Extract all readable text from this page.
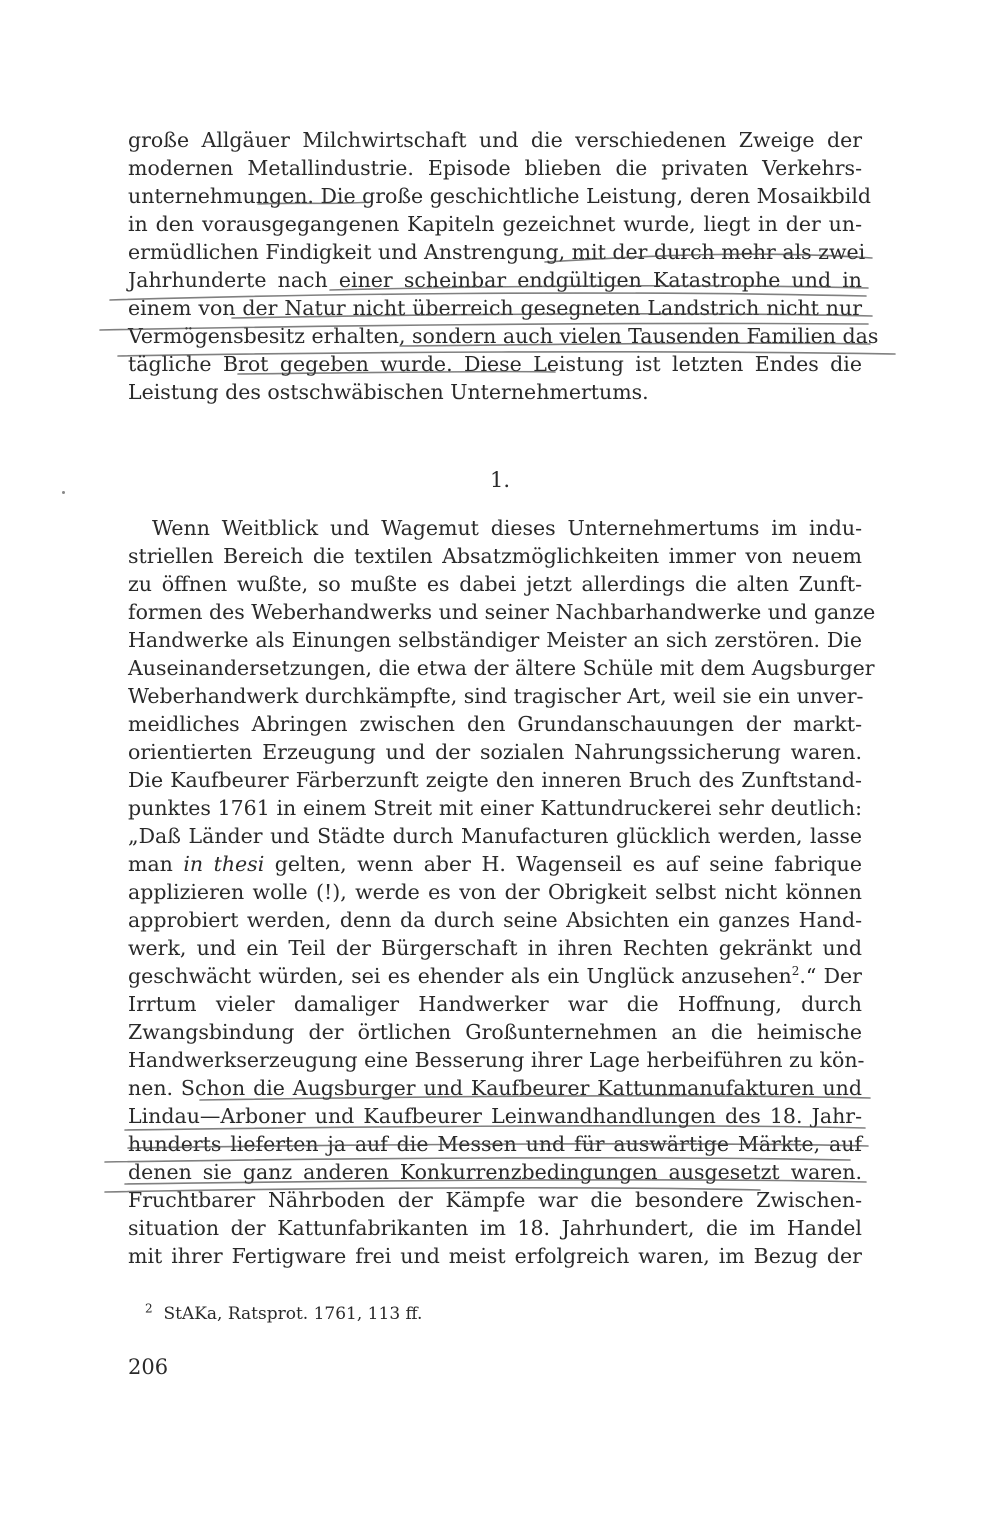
große Allgäuer Milchwirtschaft und die verschiedenen Zweige der
modernen Metallindustrie. Episode blieben die privaten Verkehrs-
unternehmungen. Die große geschichtliche Leistung, deren Mosaikbild
in den vorausgegangenen Kapiteln gezeichnet wurde, liegt in der un-
ermüdlichen Findigkeit und Anstrengung, mit der durch mehr als zwei
Jahrhunderte nach einer scheinbar endgültigen Katastrophe und in
einem von der Natur nicht überreich gesegneten Landstrich nicht nur
Vermögensbesitz erhalten, sondern auch vielen Tausenden Familien das
tägliche Brot gegeben wurde. Diese Leistung ist letzten Endes die
Leistung des ostschwäbischen Unternehmertums.
1.
Wenn Weitblick und Wagemut dieses Unternehmertums im indu-
striellen Bereich die textilen Absatzmöglichkeiten immer von neuem
zu öffnen wußte, so mußte es dabei jetzt allerdings die alten Zunft-
formen des Weberhandwerks und seiner Nachbarhandwerke und ganze
Handwerke als Einungen selbständiger Meister an sich zerstören. Die
Auseinandersetzungen, die etwa der ältere Schüle mit dem Augsburger
Weberhandwerk durchkämpfte, sind tragischer Art, weil sie ein unver-
meidliches Abringen zwischen den Grundanschauungen der markt-
orientierten Erzeugung und der sozialen Nahrungssicherung waren.
Die Kaufbeurer Färberzunft zeigte den inneren Bruch des Zunftstand-
punktes 1761 in einem Streit mit einer Kattundruckerei sehr deutlich:
„Daß Länder und Städte durch Manufacturen glücklich werden, lasse
man in thesi gelten, wenn aber H. Wagenseil es auf seine fabrique
applizieren wolle (!), werde es von der Obrigkeit selbst nicht können
approbiert werden, denn da durch seine Absichten ein ganzes Hand-
werk, und ein Teil der Bürgerschaft in ihren Rechten gekränkt und
geschwächt würden, sei es ehender als ein Unglück anzusehen$^2$.“ Der
Irrtum vieler damaliger Handwerker war die Hoffnung, durch
Zwangsbindung der örtlichen Großunternehmen an die heimische
Handwerkserzeugung eine Besserung ihrer Lage herbeiführen zu kön-
nen. Schon die Augsburger und Kaufbeurer Kattunmanufakturen und
Lindau—Arboner und Kaufbeurer Leinwandhandlungen des 18. Jahr-
hunderts lieferten ja auf die Messen und für auswärtige Märkte, auf
denen sie ganz anderen Konkurrenzbedingungen ausgesetzt waren.
Fruchtbarer Nährboden der Kämpfe war die besondere Zwischen-
situation der Kattunfabrikanten im 18. Jahrhundert, die im Handel
mit ihrer Fertigware frei und meist erfolgreich waren, im Bezug der
$^2$ StAKa, Ratsprot. 1761, 113 ff.
206
